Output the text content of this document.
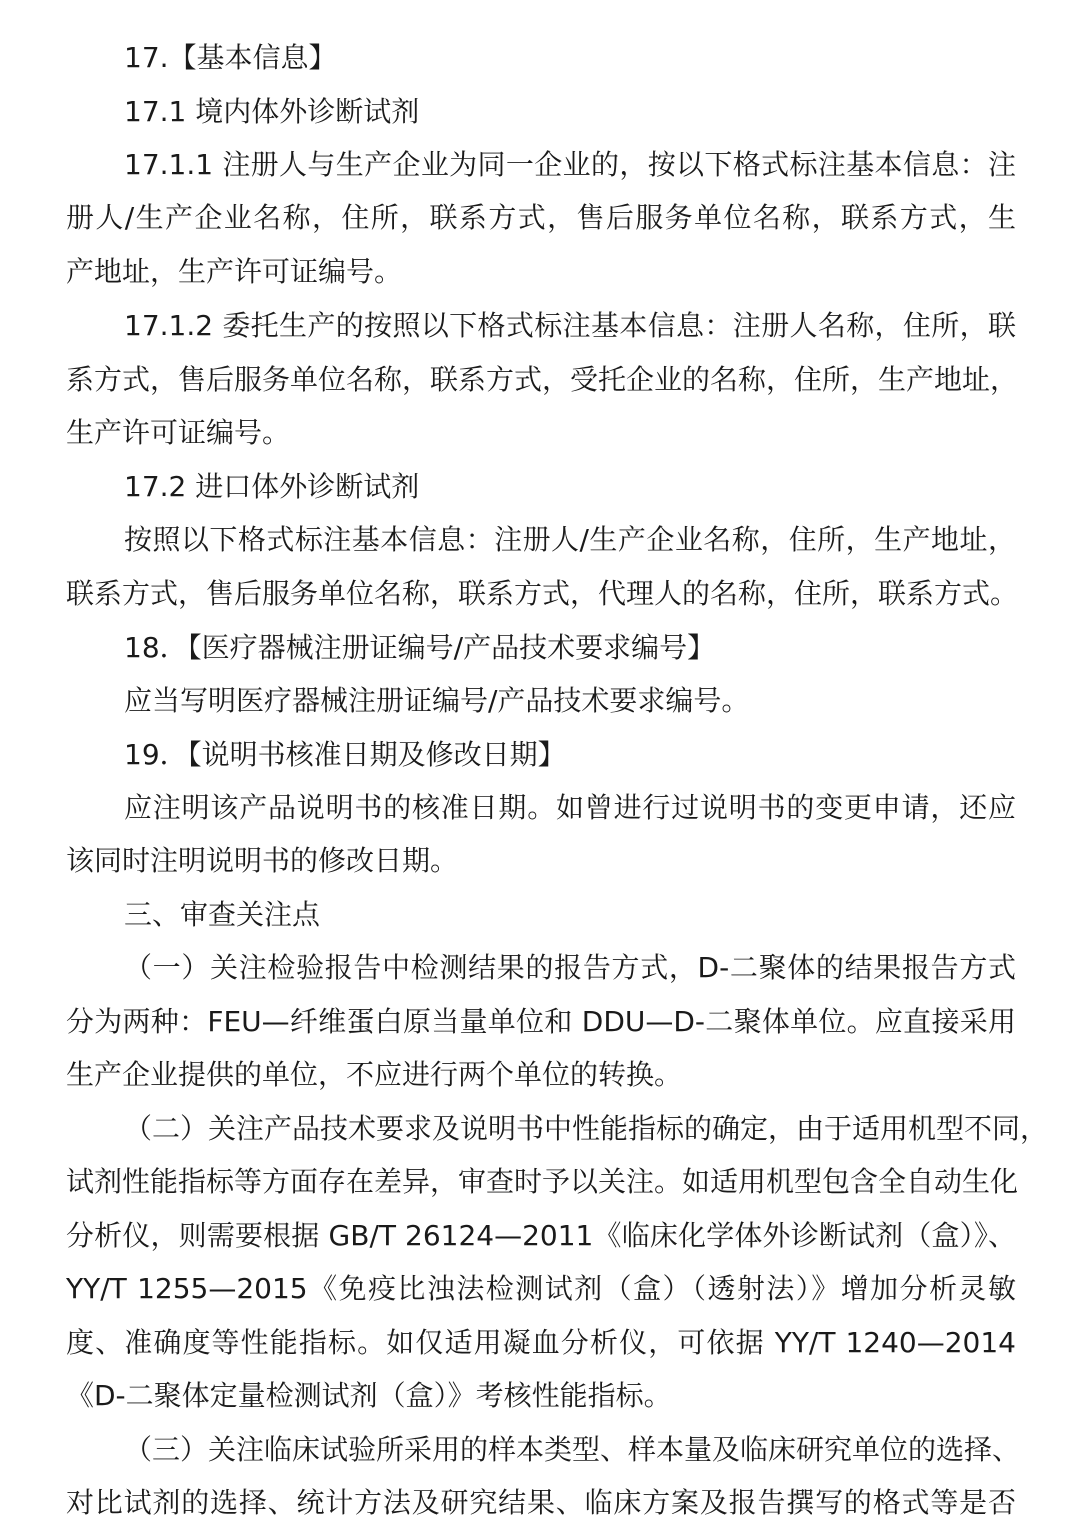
17.【基本信息】
17.1 境内体外诊断试剂
17.1.1 注册人与生产企业为同一企业的，按以下格式标注基本信息：注
册人/生产企业名称，住所，联系方式，售后服务单位名称，联系方式，生
产地址，生产许可证编号。
17.1.2 委托生产的按照以下格式标注基本信息：注册人名称，住所，联
系方式，售后服务单位名称，联系方式，受托企业的名称，住所，生产地址，
生产许可证编号。
17.2 进口体外诊断试剂
按照以下格式标注基本信息：注册人/生产企业名称，住所，生产地址，
联系方式，售后服务单位名称，联系方式，代理人的名称，住所，联系方式。
18．【医疗器械注册证编号/产品技术要求编号】
应当写明医疗器械注册证编号/产品技术要求编号。
19．【说明书核准日期及修改日期】
应注明该产品说明书的核准日期。如曾进行过说明书的变更申请，还应
该同时注明说明书的修改日期。
三、审查关注点
（一）关注检验报告中检测结果的报告方式，D-二聚体的结果报告方式
分为两种：FEU—纤维蛋白原当量单位和 DDU—D-二聚体单位。应直接采用
生产企业提供的单位，不应进行两个单位的转换。
（二）关注产品技术要求及说明书中性能指标的确定，由于适用机型不同，
试剂性能指标等方面存在差异，审查时予以关注。如适用机型包含全自动生化
分析仪，则需要根据 GB/T 26124—2011《临床化学体外诊断试剂（盒）》、
YY/T 1255—2015《免疫比浊法检测试剂（盒）（透射法）》增加分析灵敏
度、准确度等性能指标。如仅适用凝血分析仪，可依据 YY/T 1240—2014
《D-二聚体定量检测试剂（盒）》考核性能指标。
（三）关注临床试验所采用的样本类型、样本量及临床研究单位的选择、
对比试剂的选择、统计方法及研究结果、临床方案及报告撰写的格式等是否
